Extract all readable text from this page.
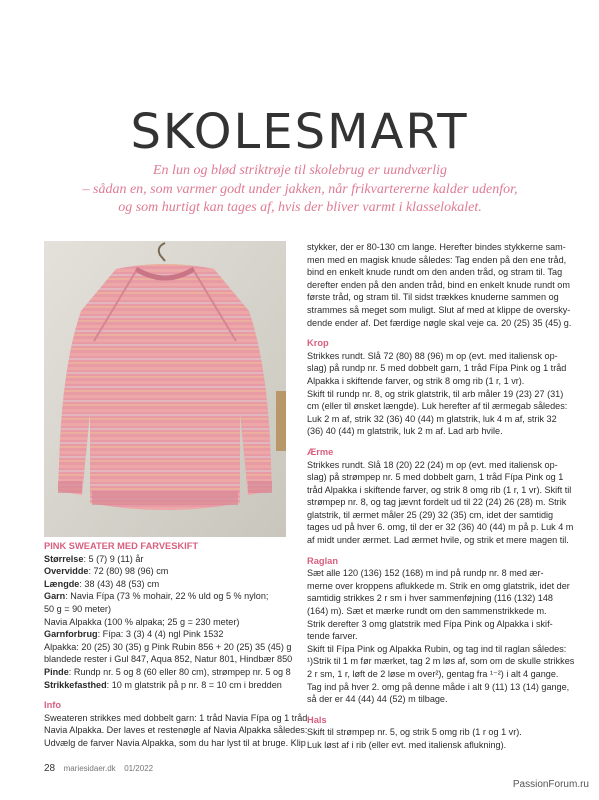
SKOLESMART
En lun og blød striktrøje til skolebrug er uundværlig
– sådan en, som varmer godt under jakken, når frikvartererne kalder udenfor,
og som hurtigt kan tages af, hvis der bliver varmt i klasselokalet.
PINK SWEATER MED FARVESKIFT
Størrelse: 5 (7) 9 (11) år
Overvidde: 72 (80) 98 (96) cm
Længde: 38 (43) 48 (53) cm
Garn: Navia Fípa (73 % mohair, 22 % uld og 5 % nylon;
50 g = 90 meter)
Navia Alpakka (100 % alpaka; 25 g = 230 meter)
Garnforbrug: Fípa: 3 (3) 4 (4) ngl Pink 1532
Alpakka: 20 (25) 30 (35) g Pink Rubin 856 + 20 (25) 35 (45) g
blandede rester i Gul 847, Aqua 852, Natur 801, Hindbær 850
Pinde: Rundp nr. 5 og 8 (60 eller 80 cm), strømpep nr. 5 og 8
Strikkefasthed: 10 m glatstrik på p nr. 8 = 10 cm i bredden
Info
Sweateren strikkes med dobbelt garn: 1 tråd Navia Fípa og 1 tråd
Navia Alpakka. Der laves et restenøgle af Navia Alpakka således:
Udvælg de farver Navia Alpakka, som du har lyst til at bruge. Klip
stykker, der er 80-130 cm lange. Herefter bindes stykkerne sam-
men med en magisk knude således: Tag enden på den ene tråd,
bind en enkelt knude rundt om den anden tråd, og stram til. Tag
derefter enden på den anden tråd, bind en enkelt knude rundt om
første tråd, og stram til. Til sidst trækkes knuderne sammen og
strammes så meget som muligt. Slut af med at klippe de oversky-
dende ender af. Det færdige nøgle skal veje ca. 20 (25) 35 (45) g.
Krop
Strikkes rundt. Slå 72 (80) 88 (96) m op (evt. med italiensk op-
slag) på rundp nr. 5 med dobbelt garn, 1 tråd Fípa Pink og 1 tråd
Alpakka i skiftende farver, og strik 8 omg rib (1 r, 1 vr).
Skift til rundp nr. 8, og strik glatstrik, til arb måler 19 (23) 27 (31)
cm (eller til ønsket længde). Luk herefter af til ærmegab således:
Luk 2 m af, strik 32 (36) 40 (44) m glatstrik, luk 4 m af, strik 32
(36) 40 (44) m glatstrik, luk 2 m af. Lad arb hvile.
Ærme
Strikkes rundt. Slå 18 (20) 22 (24) m op (evt. med italiensk op-
slag) på strømpep nr. 5 med dobbelt garn, 1 tråd Fípa Pink og 1
tråd Alpakka i skiftende farver, og strik 8 omg rib (1 r, 1 vr). Skift til
strømpep nr. 8, og tag jævnt fordelt ud til 22 (24) 26 (28) m. Strik
glatstrik, til ærmet måler 25 (29) 32 (35) cm, idet der samtidig
tages ud på hver 6. omg, til der er 32 (36) 40 (44) m på p. Luk 4 m
af midt under ærmet. Lad ærmet hvile, og strik et mere magen til.
Raglan
Sæt alle 120 (136) 152 (168) m ind på rundp nr. 8 med ær-
merne over kroppens aflukkede m. Strik en omg glatstrik, idet der
samtidig strikkes 2 r sm i hver sammenføjning (116 (132) 148
(164) m). Sæt et mærke rundt om den sammenstrikkede m.
Strik derefter 3 omg glatstrik med Fípa Pink og Alpakka i skif-
tende farver.
Skift til Fípa Pink og Alpakka Rubin, og tag ind til raglan således:
¹)Strik til 1 m før mærket, tag 2 m løs af, som om de skulle strikkes
2 r sm, 1 r, løft de 2 løse m over²), gentag fra ¹⁻²) i alt 4 gange.
Tag ind på hver 2. omg på denne måde i alt 9 (11) 13 (14) gange,
så der er 44 (44) 44 (52) m tilbage.
Hals
Skift til strømpep nr. 5, og strik 5 omg rib (1 r og 1 vr).
Luk løst af i rib (eller evt. med italiensk aflukning).
28 mariesidaer.dk 01/2022
PassionForum.ru
